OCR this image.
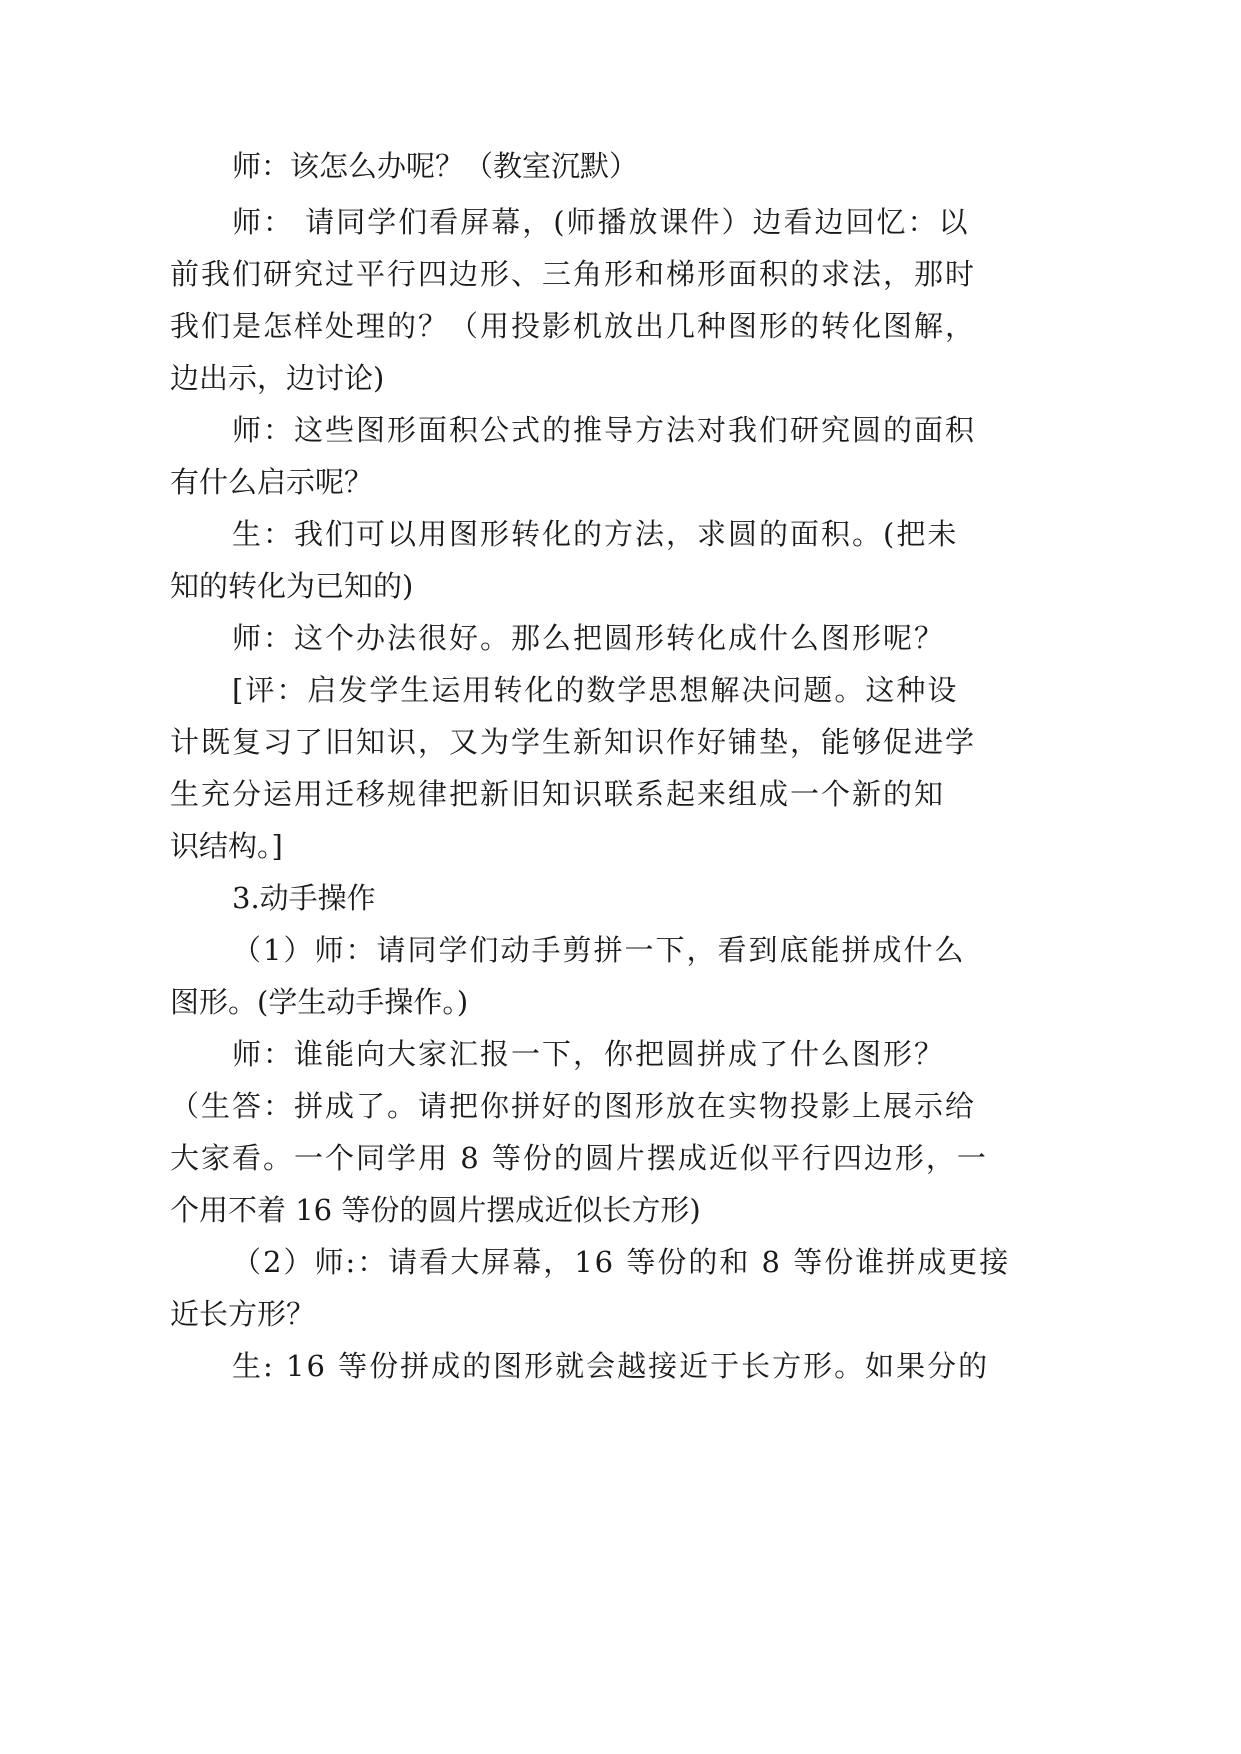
师：该怎么办呢？（教室沉默）
师： 请同学们看屏幕，(师播放课件）边看边回忆：以
前我们研究过平行四边形、三角形和梯形面积的求法，那时
我们是怎样处理的？（用投影机放出几种图形的转化图解，
边出示，边讨论)
师：这些图形面积公式的推导方法对我们研究圆的面积
有什么启示呢？
生：我们可以用图形转化的方法，求圆的面积。(把未
知的转化为已知的)
师：这个办法很好。那么把圆形转化成什么图形呢？
[评：启发学生运用转化的数学思想解决问题。这种设
计既复习了旧知识，又为学生新知识作好铺垫，能够促进学
生充分运用迁移规律把新旧知识联系起来组成一个新的知
识结构。]
3.动手操作
（1）师：请同学们动手剪拼一下，看到底能拼成什么
图形。(学生动手操作。)
师：谁能向大家汇报一下，你把圆拼成了什么图形？
（生答：拼成了。请把你拼好的图形放在实物投影上展示给
大家看。一个同学用 8 等份的圆片摆成近似平行四边形，一
个用不着 16 等份的圆片摆成近似长方形)
（2）师:：请看大屏幕，16 等份的和 8 等份谁拼成更接
近长方形？
生: 16 等份拼成的图形就会越接近于长方形。如果分的
